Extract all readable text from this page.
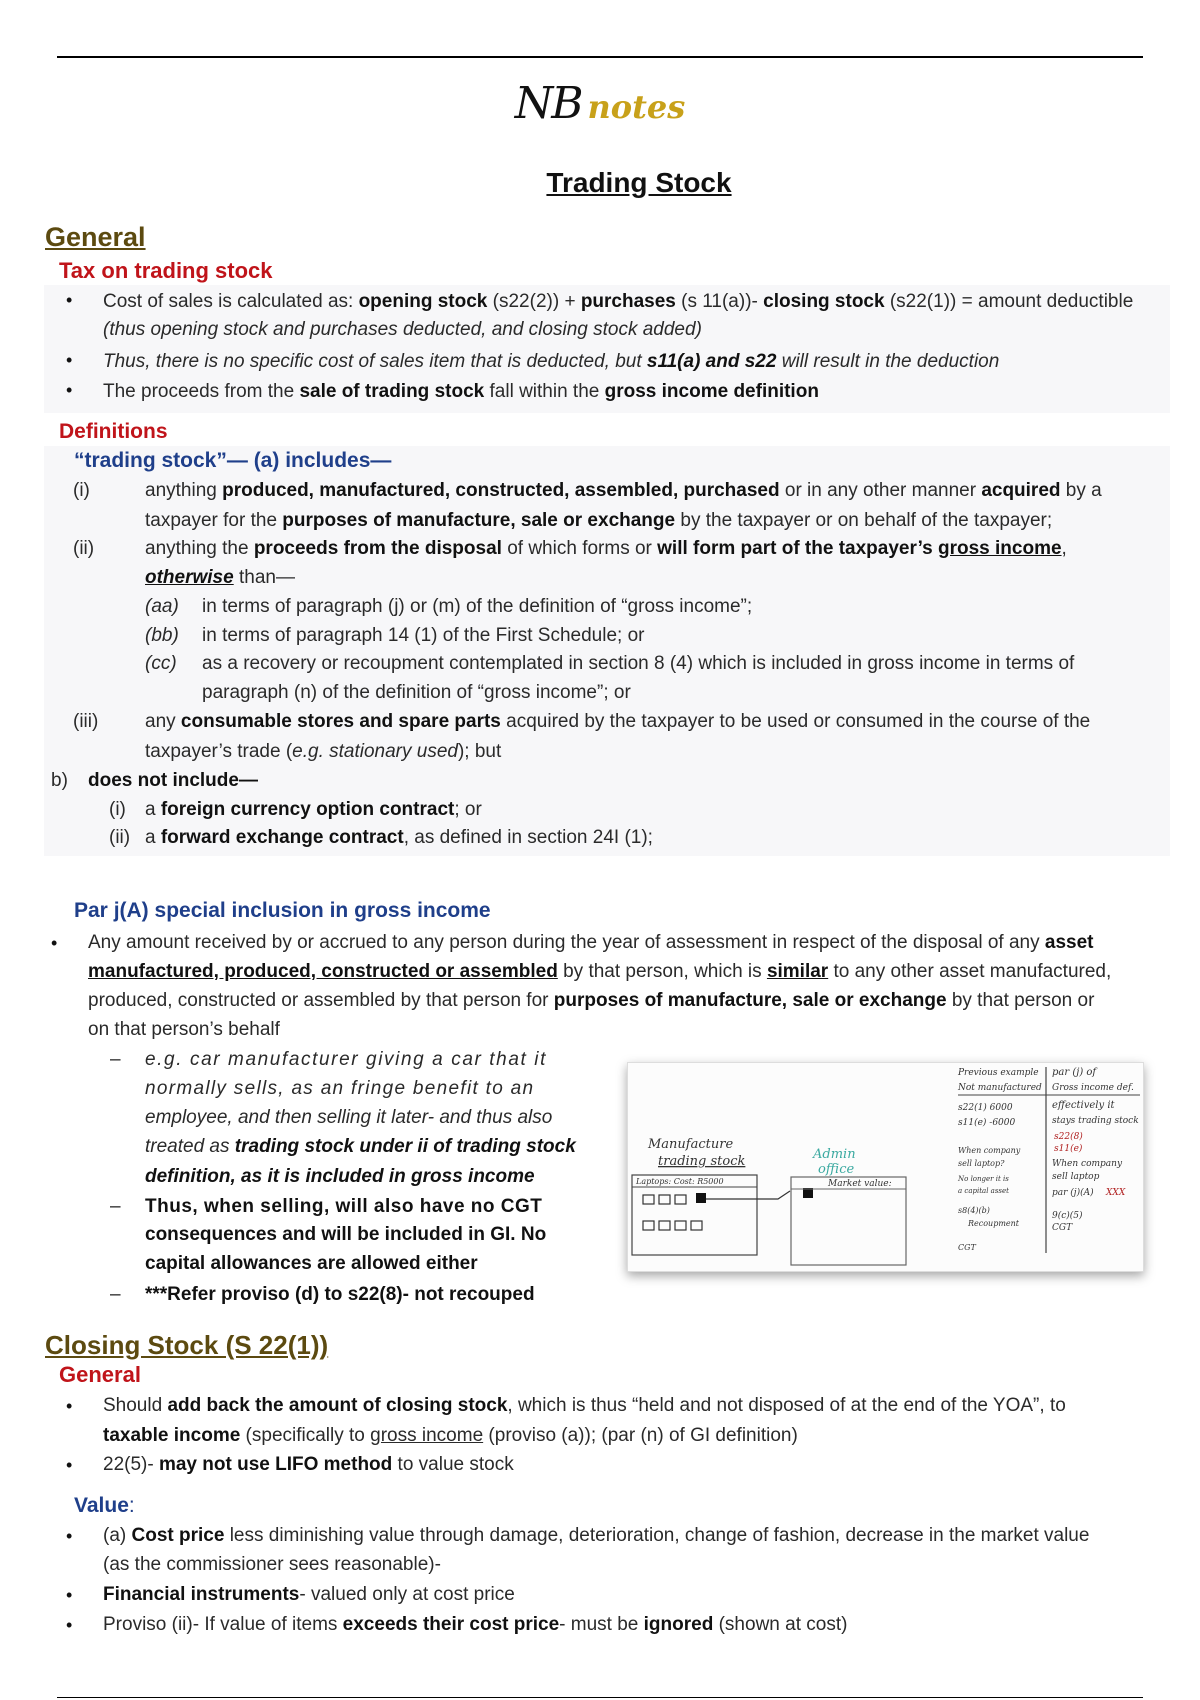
NB notes
Trading Stock
General
Tax on trading stock
• Cost of sales is calculated as: opening stock (s22(2)) + purchases (s 11(a))- closing stock (s22(1)) = amount deductible
(thus opening stock and purchases deducted, and closing stock added)
• Thus, there is no specific cost of sales item that is deducted, but s11(a) and s22 will result in the deduction
• The proceeds from the sale of trading stock fall within the gross income definition
Definitions
“trading stock”— (a) includes—
(i)	anything produced, manufactured, constructed, assembled, purchased or in any other manner acquired by a
taxpayer for the purposes of manufacture, sale or exchange by the taxpayer or on behalf of the taxpayer;
(ii)	anything the proceeds from the disposal of which forms or will form part of the taxpayer’s gross income,
otherwise than—
(aa) in terms of paragraph (j) or (m) of the definition of “gross income”;
(bb) in terms of paragraph 14 (1) of the First Schedule; or
(cc) as a recovery or recoupment contemplated in section 8 (4) which is included in gross income in terms of
paragraph (n) of the definition of “gross income”; or
(iii) any consumable stores and spare parts acquired by the taxpayer to be used or consumed in the course of the
taxpayer’s trade (e.g. stationary used); but
b) does not include—
(i) a foreign currency option contract; or
(ii) a forward exchange contract, as defined in section 24I (1);
Par j(A) special inclusion in gross income
• Any amount received by or accrued to any person during the year of assessment in respect of the disposal of any asset
manufactured, produced, constructed or assembled by that person, which is similar to any other asset manufactured,
produced, constructed or assembled by that person for purposes of manufacture, sale or exchange by that person or
on that person’s behalf
– e.g. car manufacturer giving a car that it
normally sells, as an fringe benefit to an
employee, and then selling it later- and thus also
treated as trading stock under ii of trading stock
definition, as it is included in gross income
– Thus, when selling, will also have no CGT
consequences and will be included in GI. No
capital allowances are allowed either
– ***Refer proviso (d) to s22(8)- not recouped
Manufacture
trading stock
Laptops: Cost: R5000
Admin
office
Market value:
Previous example
Not manufactured
par (j) of
Gross income def.
s22(1) 6000
s11(e) -6000
effectively it
stays trading stock
s22(8)
s11(e)
When company
sell laptop?	When company
sell laptop
par (j)(A) XXX
No longer it is
a capital asset
s8(4)(b)
Recoupment
CGT
9(c)(5)
CGT
Closing Stock (S 22(1))
General
• Should add back the amount of closing stock, which is thus “held and not disposed of at the end of the YOA”, to
taxable income (specifically to gross income (proviso (a)); (par (n) of GI definition)
• 22(5)- may not use LIFO method to value stock
Value:
• (a) Cost price less diminishing value through damage, deterioration, change of fashion, decrease in the market value
(as the commissioner sees reasonable)-
• Financial instruments- valued only at cost price
• Proviso (ii)- If value of items exceeds their cost price- must be ignored (shown at cost)
